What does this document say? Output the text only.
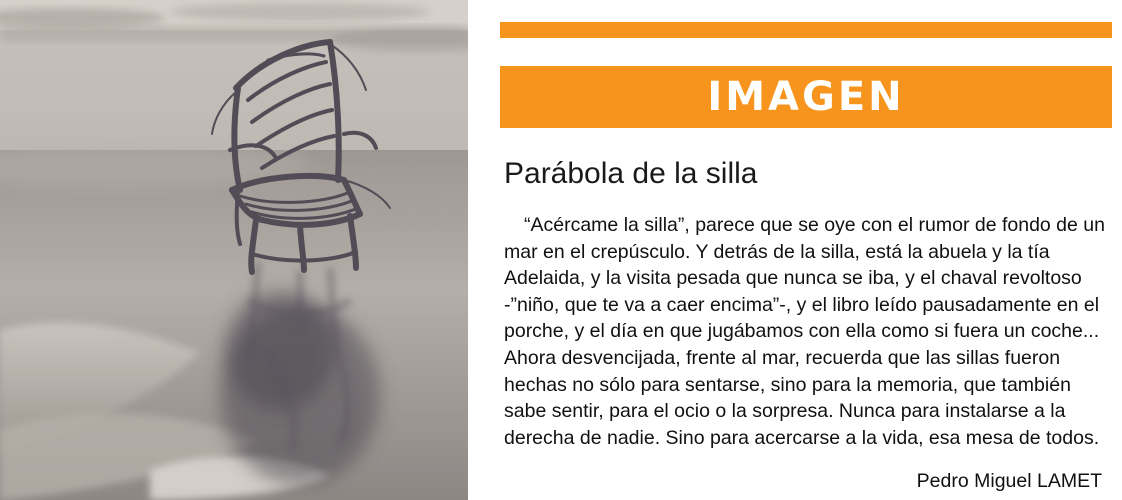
IMAGEN
Parábola de la silla

“Acércame la silla”, parece que se oye con el rumor de fondo de un mar en el crepúsculo. Y detrás de la silla, está la abuela y la tía Adelaida, y la visita pesada que nunca se iba, y el chaval revoltoso -”niño, que te va a caer encima”-, y el libro leído pausadamente en el porche, y el día en que jugábamos con ella como si fuera un coche... Ahora desvencijada, frente al mar, recuerda que las sillas fueron hechas no sólo para sentarse, sino para la memoria, que también sabe sentir, para el ocio o la sorpresa. Nunca para instalarse a la derecha de nadie. Sino para acercarse a la vida, esa mesa de todos.

Pedro Miguel LAMET
